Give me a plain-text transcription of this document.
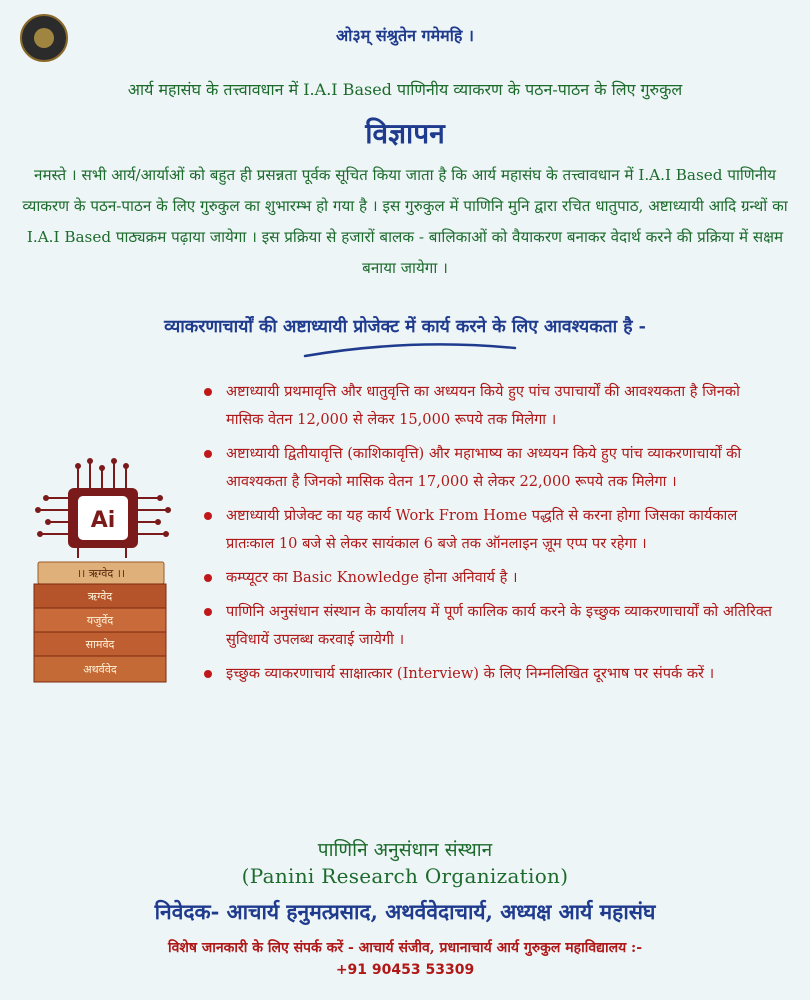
ओ३म् संश्रुतेन गमेमहि ।
आर्य महासंघ के तत्त्वावधान में I.A.I Based पाणिनीय व्याकरण के पठन-पाठन के लिए गुरुकुल
विज्ञापन
नमस्ते । सभी आर्य/आर्याओं को बहुत ही प्रसन्नता पूर्वक सूचित किया जाता है कि आर्य महासंघ के तत्त्वावधान में I.A.I Based पाणिनीय व्याकरण के पठन-पाठन के लिए गुरुकुल का शुभारम्भ हो गया है । इस गुरुकुल में पाणिनि मुनि द्वारा रचित धातुपाठ, अष्टाध्यायी आदि ग्रन्थों का I.A.I Based पाठ्यक्रम पढ़ाया जायेगा । इस प्रक्रिया से हजारों बालक - बालिकाओं को वैयाकरण बनाकर वेदार्थ करने की प्रक्रिया में सक्षम बनाया जायेगा ।
व्याकरणाचार्यों की अष्टाध्यायी प्रोजेक्ट में कार्य करने के लिए आवश्यकता है -
अष्टाध्यायी प्रथमावृत्ति और धातुवृत्ति का अध्ययन किये हुए पांच उपाचार्यों की आवश्यकता है जिनको मासिक वेतन 12,000 से लेकर 15,000 रूपये तक मिलेगा ।
अष्टाध्यायी द्वितीयावृत्ति (काशिकावृत्ति) और महाभाष्य का अध्ययन किये हुए पांच व्याकरणाचार्यों की आवश्यकता है जिनको मासिक वेतन 17,000 से लेकर 22,000 रूपये तक मिलेगा ।
अष्टाध्यायी प्रोजेक्ट का यह कार्य Work From Home पद्धति से करना होगा जिसका कार्यकाल प्रातःकाल 10 बजे से लेकर सायंकाल 6 बजे तक ऑनलाइन ज़ूम एप्प पर रहेगा ।
कम्प्यूटर का Basic Knowledge होना अनिवार्य है ।
पाणिनि अनुसंधान संस्थान के कार्यालय में पूर्ण कालिक कार्य करने के इच्छुक व्याकरणाचार्यों को अतिरिक्त सुविधायें उपलब्ध करवाई जायेगी ।
इच्छुक व्याकरणाचार्य साक्षात्कार (Interview) के लिए निम्नलिखित दूरभाष पर संपर्क करें ।
Ai
।। ऋग्वेद ।।
ऋग्वेद
यजुर्वेद
सामवेद
अथर्ववेद
पाणिनि अनुसंधान संस्थान
(Panini Research Organization)
निवेदक- आचार्य हनुमत्प्रसाद, अथर्ववेदाचार्य, अध्यक्ष आर्य महासंघ
विशेष जानकारी के लिए संपर्क करें - आचार्य संजीव, प्रधानाचार्य आर्य गुरुकुल महाविद्यालय :-
+91 90453 53309
